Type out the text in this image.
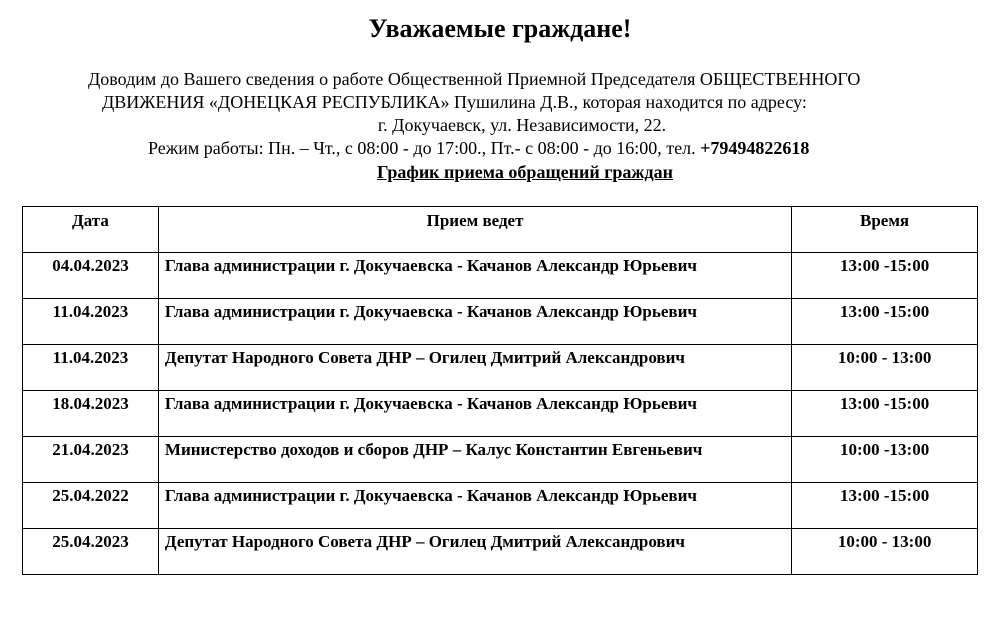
Уважаемые граждане!
Доводим до Вашего сведения о работе Общественной Приемной Председателя ОБЩЕСТВЕННОГО
ДВИЖЕНИЯ «ДОНЕЦКАЯ РЕСПУБЛИКА» Пушилина Д.В., которая находится по адресу:
г. Докучаевск, ул. Независимости, 22.
Режим работы: Пн. – Чт., с 08:00 - до 17:00., Пт.- с 08:00 - до 16:00, тел. +79494822618
График приема обращений граждан
Дата	Прием ведет	Время
04.04.2023	Глава администрации г. Докучаевска - Качанов Александр Юрьевич	13:00 -15:00
11.04.2023	Глава администрации г. Докучаевска - Качанов Александр Юрьевич	13:00 -15:00
11.04.2023	Депутат Народного Совета ДНР – Огилец Дмитрий Александрович	10:00 - 13:00
18.04.2023	Глава администрации г. Докучаевска - Качанов Александр Юрьевич	13:00 -15:00
21.04.2023	Министерство доходов и сборов ДНР – Калус Константин Евгеньевич	10:00 -13:00
25.04.2022	Глава администрации г. Докучаевска - Качанов Александр Юрьевич	13:00 -15:00
25.04.2023	Депутат Народного Совета ДНР – Огилец Дмитрий Александрович	10:00 - 13:00
